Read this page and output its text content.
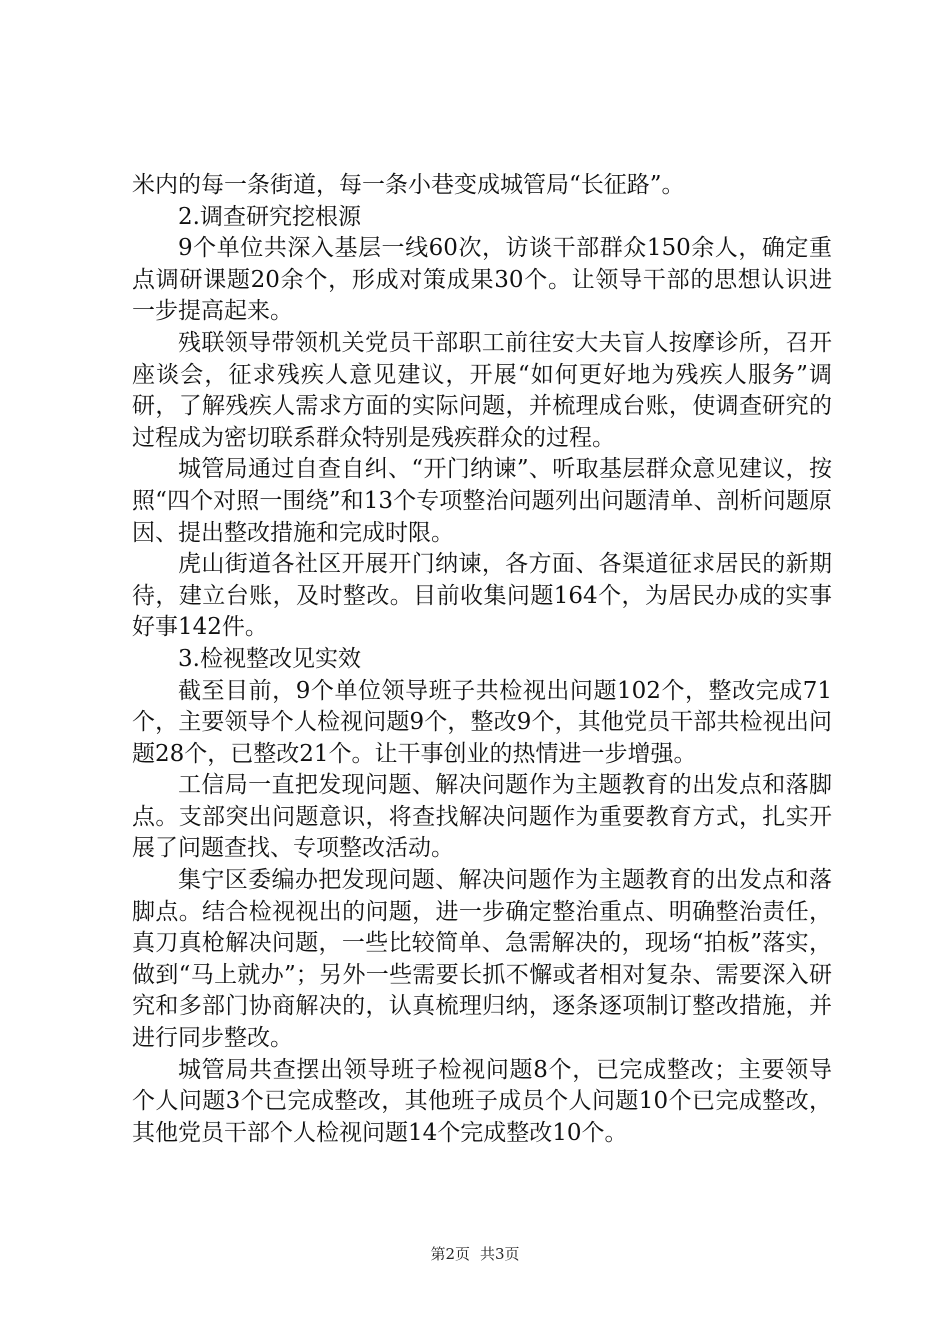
米内的每一条街道，每一条小巷变成城管局“长征路”。

2.调查研究挖根源

9个单位共深入基层一线60次，访谈干部群众150余人，确定重点调研课题20余个，形成对策成果30个。让领导干部的思想认识进一步提高起来。

残联领导带领机关党员干部职工前往安大夫盲人按摩诊所，召开座谈会，征求残疾人意见建议，开展“如何更好地为残疾人服务”调研，了解残疾人需求方面的实际问题，并梳理成台账，使调查研究的过程成为密切联系群众特别是残疾群众的过程。

城管局通过自查自纠、“开门纳谏”、听取基层群众意见建议，按照“四个对照一围绕”和13个专项整治问题列出问题清单、剖析问题原因、提出整改措施和完成时限。

虎山街道各社区开展开门纳谏，各方面、各渠道征求居民的新期待，建立台账，及时整改。目前收集问题164个，为居民办成的实事好事142件。

3.检视整改见实效

截至目前，9个单位领导班子共检视出问题102个，整改完成71个，主要领导个人检视问题9个，整改9个，其他党员干部共检视出问题28个，已整改21个。让干事创业的热情进一步增强。

工信局一直把发现问题、解决问题作为主题教育的出发点和落脚点。支部突出问题意识，将查找解决问题作为重要教育方式，扎实开展了问题查找、专项整改活动。

集宁区委编办把发现问题、解决问题作为主题教育的出发点和落脚点。结合检视视出的问题，进一步确定整治重点、明确整治责任，真刀真枪解决问题，一些比较简单、急需解决的，现场“拍板”落实，做到“马上就办”；另外一些需要长抓不懈或者相对复杂、需要深入研究和多部门协商解决的，认真梳理归纳，逐条逐项制订整改措施，并进行同步整改。

城管局共查摆出领导班子检视问题8个，已完成整改；主要领导个人问题3个已完成整改，其他班子成员个人问题10个已完成整改，其他党员干部个人检视问题14个完成整改10个。

第2页 共3页
